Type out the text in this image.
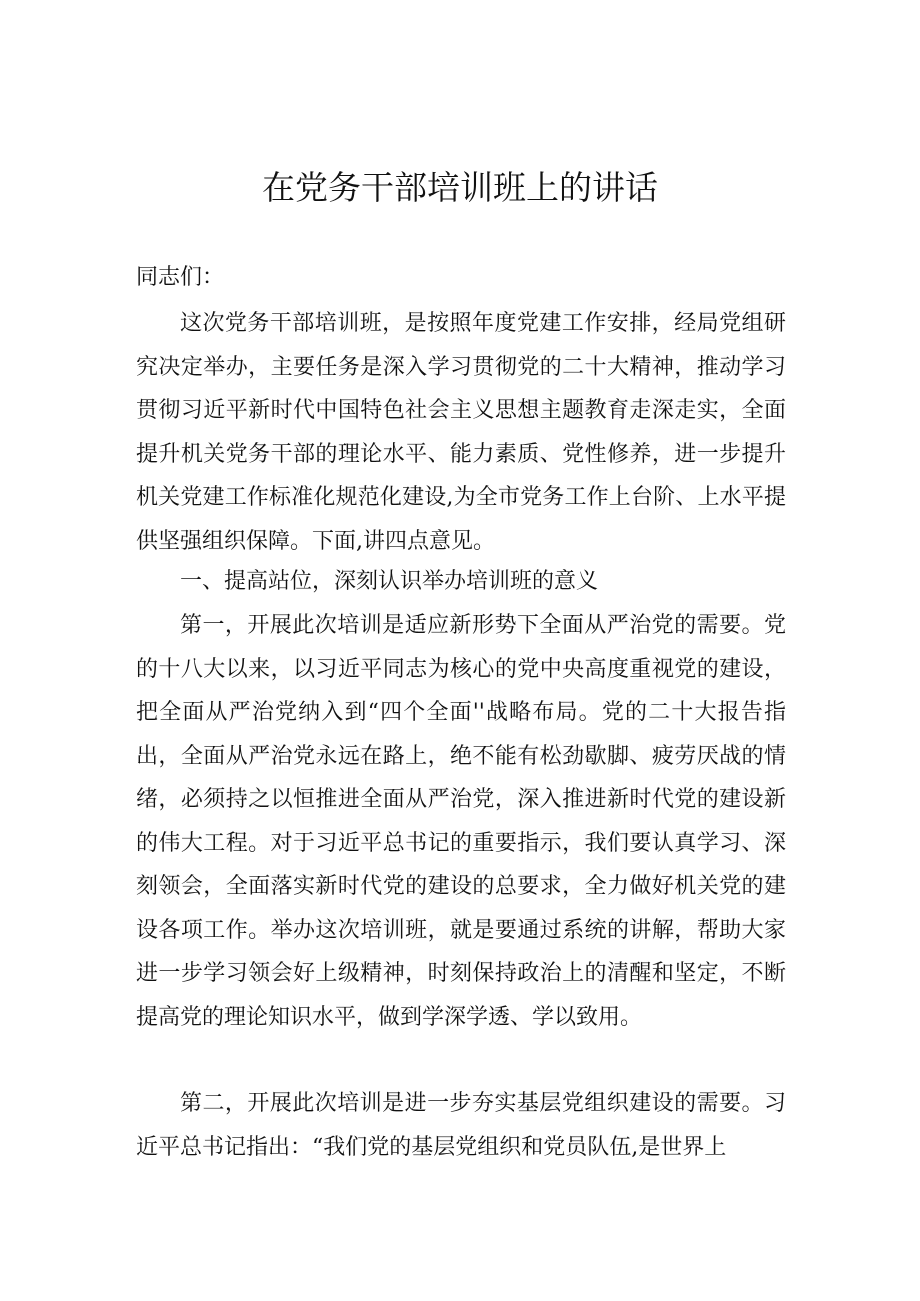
在党务干部培训班上的讲话

同志们：

这次党务干部培训班，是按照年度党建工作安排，经局党组研究决定举办，主要任务是深入学习贯彻党的二十大精神，推动学习贯彻习近平新时代中国特色社会主义思想主题教育走深走实，全面提升机关党务干部的理论水平、能力素质、党性修养，进一步提升机关党建工作标准化规范化建设,为全市党务工作上台阶、上水平提供坚强组织保障。下面,讲四点意见。

一、提高站位，深刻认识举办培训班的意义

第一，开展此次培训是适应新形势下全面从严治党的需要。党的十八大以来，以习近平同志为核心的党中央高度重视党的建设，把全面从严治党纳入到“四个全面''战略布局。党的二十大报告指出，全面从严治党永远在路上，绝不能有松劲歇脚、疲劳厌战的情绪，必须持之以恒推进全面从严治党，深入推进新时代党的建设新的伟大工程。对于习近平总书记的重要指示，我们要认真学习、深刻领会，全面落实新时代党的建设的总要求，全力做好机关党的建设各项工作。举办这次培训班，就是要通过系统的讲解，帮助大家进一步学习领会好上级精神，时刻保持政治上的清醒和坚定，不断提高党的理论知识水平，做到学深学透、学以致用。

第二，开展此次培训是进一步夯实基层党组织建设的需要。习近平总书记指出：“我们党的基层党组织和党员队伍,是世界上
